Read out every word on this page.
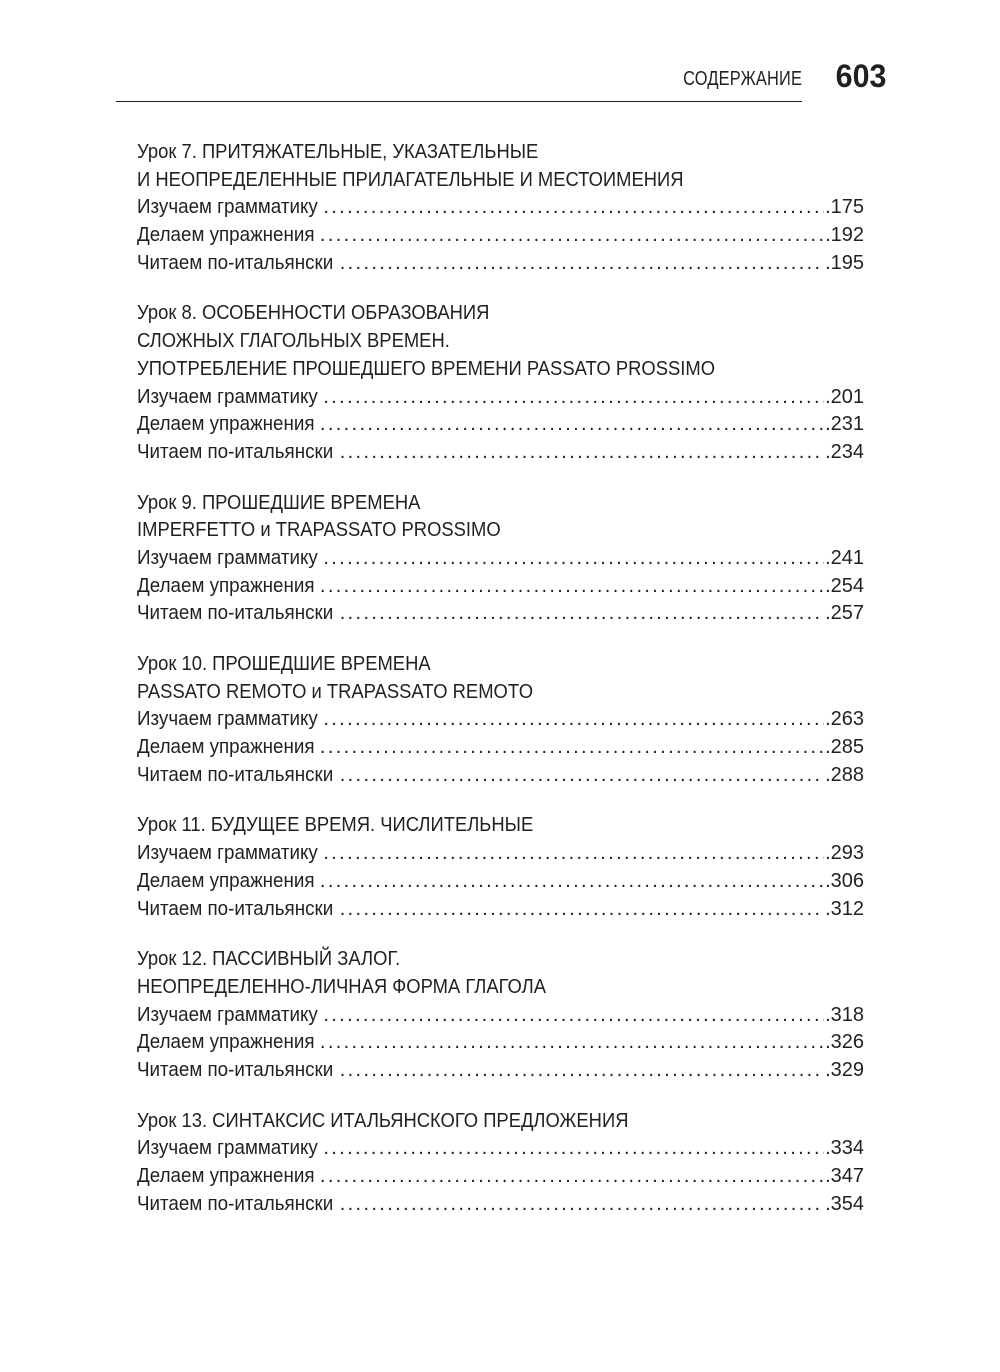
СОДЕРЖАНИЕ 603
Урок 7. ПРИТЯЖАТЕЛЬНЫЕ, УКАЗАТЕЛЬНЫЕ
И НЕОПРЕДЕЛЕННЫЕ ПРИЛАГАТЕЛЬНЫЕ И МЕСТОИМЕНИЯ
Изучаем грамматику . . .	.175
Делаем упражнения . . .	.192
Читаем по-итальянски . . .	.195
Урок 8. ОСОБЕННОСТИ ОБРАЗОВАНИЯ
СЛОЖНЫХ ГЛАГОЛЬНЫХ ВРЕМЕН.
УПОТРЕБЛЕНИЕ ПРОШЕДШЕГО ВРЕМЕНИ PASSATO PROSSIMO
Изучаем грамматику . . .	.201
Делаем упражнения . . .	.231
Читаем по-итальянски . . .	.234
Урок 9. ПРОШЕДШИЕ ВРЕМЕНА
IMPERFETTO и TRAPASSATO PROSSIMO
Изучаем грамматику . . .	.241
Делаем упражнения . . .	.254
Читаем по-итальянски . . .	.257
Урок 10. ПРОШЕДШИЕ ВРЕМЕНА
PASSATO REMOTO и TRAPASSATO REMOTO
Изучаем грамматику . . .	.263
Делаем упражнения . . .	.285
Читаем по-итальянски . . .	.288
Урок 11. БУДУЩЕЕ ВРЕМЯ. ЧИСЛИТЕЛЬНЫЕ
Изучаем грамматику . . .	.293
Делаем упражнения . . .	.306
Читаем по-итальянски . . .	.312
Урок 12. ПАССИВНЫЙ ЗАЛОГ.
НЕОПРЕДЕЛЕННО-ЛИЧНАЯ ФОРМА ГЛАГОЛА
Изучаем грамматику . . .	.318
Делаем упражнения . . .	.326
Читаем по-итальянски . . .	.329
Урок 13. СИНТАКСИС ИТАЛЬЯНСКОГО ПРЕДЛОЖЕНИЯ
Изучаем грамматику . . .	.334
Делаем упражнения . . .	.347
Читаем по-итальянски . . .	.354
